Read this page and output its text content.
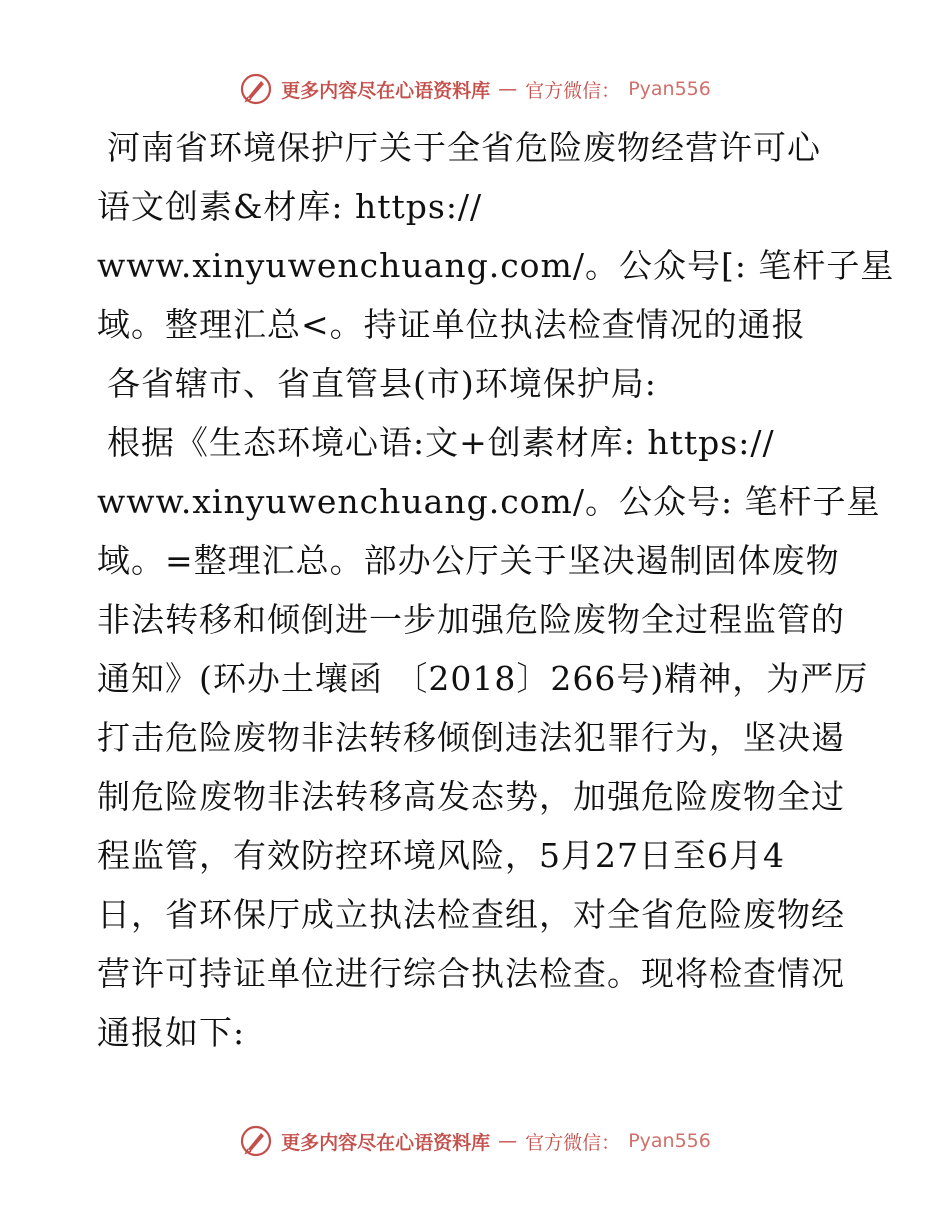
更多内容尽在心语资料库 — 官方微信： Pyan556

河南省环境保护厅关于全省危险废物经营许可心
语文创素&材库: https://
www.xinyuwenchuang.com/。公众号[: 笔杆子星
域。整理汇总<。持证单位执法检查情况的通报

各省辖市、省直管县(市)环境保护局:

根据《生态环境心语:文+创素材库: https://
www.xinyuwenchuang.com/。公众号: 笔杆子星
域。=整理汇总。部办公厅关于坚决遏制固体废物
非法转移和倾倒进一步加强危险废物全过程监管的
通知》(环办土壤函 〔2018〕266号)精神，为严厉
打击危险废物非法转移倾倒违法犯罪行为，坚决遏
制危险废物非法转移高发态势，加强危险废物全过
程监管，有效防控环境风险，5月27日至6月4
日，省环保厅成立执法检查组，对全省危险废物经
营许可持证单位进行综合执法检查。现将检查情况
通报如下:

更多内容尽在心语资料库 — 官方微信： Pyan556
